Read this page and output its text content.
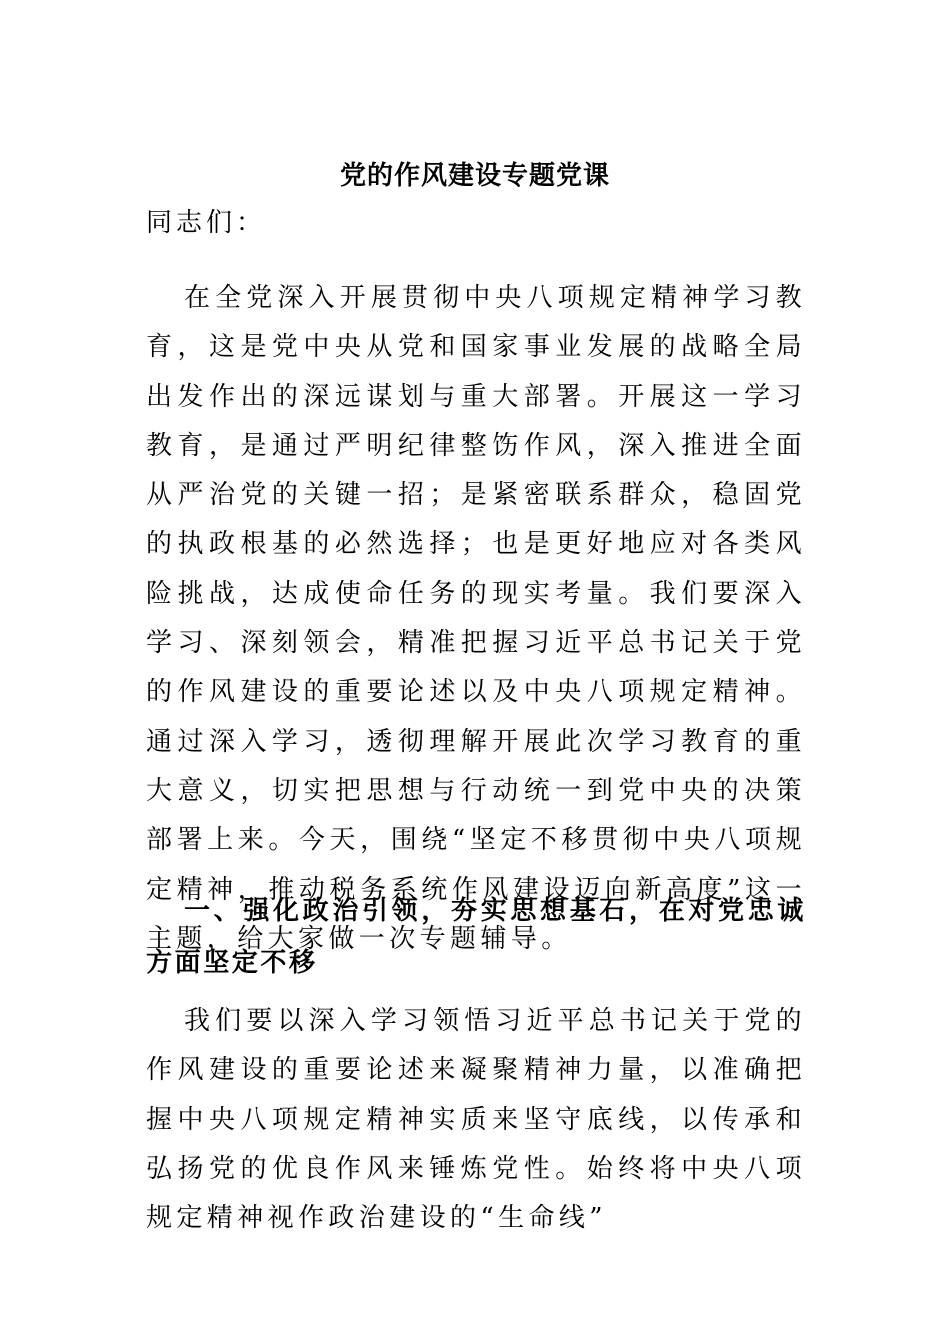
党的作风建设专题党课
同志们：
在全党深入开展贯彻中央八项规定精神学习教育，这是党中央从党和国家事业发展的战略全局出发作出的深远谋划与重大部署。开展这一学习教育，是通过严明纪律整饬作风，深入推进全面从严治党的关键一招；是紧密联系群众，稳固党的执政根基的必然选择；也是更好地应对各类风险挑战，达成使命任务的现实考量。我们要深入学习、深刻领会，精准把握习近平总书记关于党的作风建设的重要论述以及中央八项规定精神。通过深入学习，透彻理解开展此次学习教育的重大意义，切实把思想与行动统一到党中央的决策部署上来。今天，围绕“坚定不移贯彻中央八项规定精神，推动税务系统作风建设迈向新高度”这一主题，给大家做一次专题辅导。
一、强化政治引领，夯实思想基石，在对党忠诚方面坚定不移
我们要以深入学习领悟习近平总书记关于党的作风建设的重要论述来凝聚精神力量，以准确把握中央八项规定精神实质来坚守底线，以传承和弘扬党的优良作风来锤炼党性。始终将中央八项规定精神视作政治建设的“生命线”
